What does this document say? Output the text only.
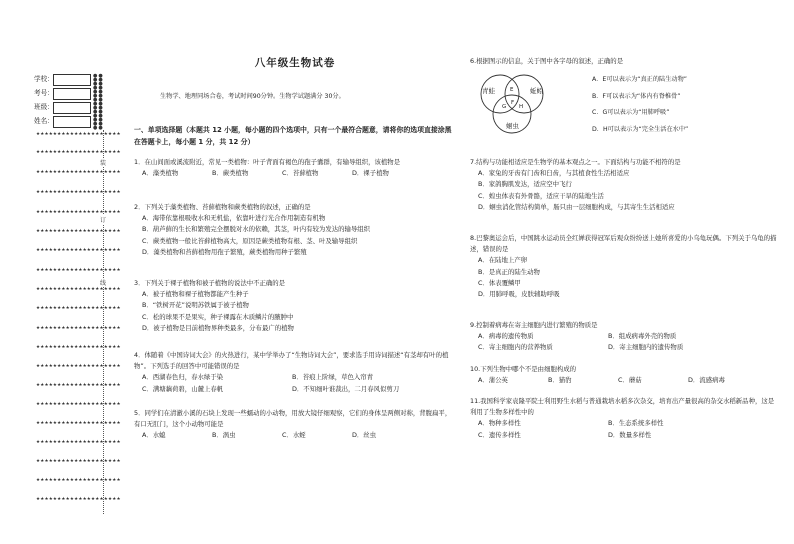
学校：
考号：
班级：
姓名：
●●
●●
●●
●●
●●
●●
●●
●●
●●
●●
●●
●●
●●
●●
★★★★★★★★★★★★★★★★★★★★
★★★★★★★★★★★★★★★★★★★★
★★★★★★★★★★★★★★★★★★★★
★★★★★★★★★★★★★★★★★★★★
★★★★★★★★★★★★★★★★★★★★
★★★★★★★★★★★★★★★★★★★★
★★★★★★★★★★★★★★★★★★★★
★★★★★★★★★★★★★★★★★★★★
★★★★★★★★★★★★★★★★★★★★
★★★★★★★★★★★★★★★★★★★★
★★★★★★★★★★★★★★★★★★★★
★★★★★★★★★★★★★★★★★★★★
★★★★★★★★★★★★★★★★★★★★
★★★★★★★★★★★★★★★★★★★★
★★★★★★★★★★★★★★★★★★★★
★★★★★★★★★★★★★★★★★★★★
★★★★★★★★★★★★★★★★★★★★
★★★★★★★★★★★★★★★★★★★★
★★★★★★★★★★★★★★★★★★★★
★★★★★★★★★★★★★★★★★★★★
装
订
线
八年级生物试卷
生物学、地理同场合卷，考试时间90分钟。生物学试题满分 30分。
一、单项选择题（本题共 12 小题，每小题的四个选项中，只有一个最符合题意，请将你的选项直接涂黑在答题卡上，每小题 1 分，共 12 分）

1．在山间面或溪流附近，常见一类植物：叶子背面有褐色的孢子囊群，有输导组织，该植物是

A．藻类植物	B．蕨类植物	C．苔藓植物	D．裸子植物

2．下列关于藻类植物、苔藓植物和蕨类植物的叙述，正确的是

A．海带依靠根吸收水和无机盐，依靠叶进行光合作用制造有机物
B．葫芦藓的生长和繁殖完全摆脱对水的依赖，其茎，叶内有较为发达的输导组织
C．蕨类植物一般比苔藓植物高大，原因是蕨类植物有根、茎、叶及输导组织
D．藻类植物和苔藓植物用孢子繁殖，蕨类植物用种子繁殖

3．下列关于裸子植物和被子植物的说法中不正确的是

A．被子植物和裸子植物都能产生种子
B．“铁树开花”说明苏铁属于被子植物
C．松的球果不是果实，种子裸露在木质鳞片的腋肿中
D．被子植物是目前植物界种类最多，分布最广的植物

4．体随着《中国诗词大会》的火热进行，某中学举办了“生物诗词大会”，要求选手用诗词描述“有茎却有叶的植物”。下列选手的回答中可能错误的是

A．西湖春色归，春水绿于染	B．苔痕上阶绿，草色入帘青
C．满塘藕荷碧，山麓上春帆	D．不知细叶谁裁出，二月春风似剪刀

5．同学们在清澈小溪的石块上发现一些蠕动的小动物，用放大镜仔细观察，它们的身体呈两侧对称，背腹扁平，有口无肛门，这个小动物可能是

A．水螅	B．涡虫	C．水蛭	D．丝虫

6.根据图示的信息，关于图中各字母的叙述，正确的是

青蛙	蚯蚓
蛔虫
E
G
F
H
A．E可以表示为“真正的陆生动物”
B．F可以表示为“体内有脊椎骨”
C．G可以表示为“用肺呼吸”
D．H可以表示为“完全生活在水中”

7.结构与功能相适应是生物学的基本观点之一。下面结构与功能不相符的是

A．家兔的牙齿有门齿和臼齿，与其植食性生活相适应
B．家鸽胸肌发达，适应空中飞行
C．蝗虫体表有外骨骼，适应干旱的陆地生活
D．蛔虫消化管结构简单，肠只由一层细胞构成，与其寄生生活相适应

8.巴黎奥运会后，中国跳水运动员全红婵获得冠军后观众纷纷送上她所喜爱的小乌龟玩偶。下列关于乌龟的描述，错误的是

A．在陆地上产卵
B．是真正的陆生动物
C．体表覆鳞甲
D．用肺呼吸，皮肤辅助呼吸

9.控制着病毒在寄主细胞内进行繁殖的物质是

A．病毒的遗传物质	B．组成病毒外壳的物质
C．寄主细胞内的营养物质	D．寄主细胞内的遗传物质

10.下列生物中哪个不是由细胞构成的

A．蒲公英	B．猫豹	C．蘑菇	D．流感病毒

11.我国科学家袁隆平院士利用野生水稻与普通栽培水稻多次杂交，培育出产量很高的杂交水稻新品种，这是利用了生物多样性中的

A．物种多样性	B．生态系统多样性
C．遗传多样性	D．数量多样性
